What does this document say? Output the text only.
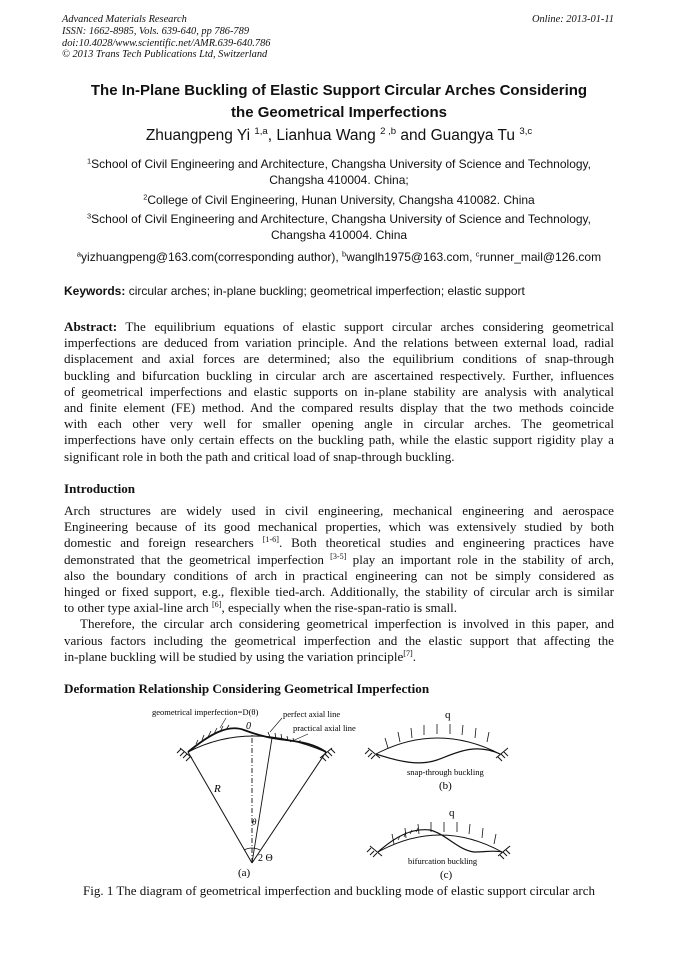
Advanced Materials Research
ISSN: 1662-8985, Vols. 639-640, pp 786-789
doi:10.4028/www.scientific.net/AMR.639-640.786
© 2013 Trans Tech Publications Ltd, Switzerland
Online: 2013-01-11
The In-Plane Buckling of Elastic Support Circular Arches Considering
the Geometrical Imperfections
Zhuangpeng Yi $^{1,a}$, Lianhua Wang $^{2 ,b}$ and Guangya Tu $^{3,c}$
$^1$School of Civil Engineering and Architecture, Changsha University of Science and Technology,
Changsha 410004. China;
$^2$College of Civil Engineering, Hunan University, Changsha 410082. China
$^3$School of Civil Engineering and Architecture, Changsha University of Science and Technology,
Changsha 410004. China
$^a$yizhuangpeng@163.com(corresponding author), $^b$wanglh1975@163.com, $^c$runner_mail@126.com
Keywords: circular arches; in-plane buckling; geometrical imperfection; elastic support
Abstract: The equilibrium equations of elastic support circular arches considering geometrical
imperfections are deduced from variation principle. And the relations between external load, radial
displacement and axial forces are determined; also the equilibrium conditions of snap-through
buckling and bifurcation buckling in circular arch are ascertained respectively. Further, influences
of geometrical imperfections and elastic supports on in-plane stability are analysis with analytical
and finite element (FE) method. And the compared results display that the two methods coincide
with each other very well for smaller opening angle in circular arches. The geometrical
imperfections have only certain effects on the buckling path, while the elastic support rigidity play a
significant role in both the path and critical load of snap-through buckling.
Introduction
Arch structures are widely used in civil engineering, mechanical engineering and aerospace
Engineering because of its good mechanical properties, which was extensively studied by both
domestic and foreign researchers [1-6]. Both theoretical studies and engineering practices have
demonstrated that the geometrical imperfection [3-5] play an important role in the stability of arch,
also the boundary conditions of arch in practical engineering can not be simply considered as
hinged or fixed support, e.g., flexible tied-arch. Additionally, the stability of circular arch is similar
to other type axial-line arch [6], especially when the rise-span-ratio is small.
Therefore, the circular arch considering geometrical imperfection is involved in this paper, and
various factors including the geometrical imperfection and the elastic support that affecting the
in-plane buckling will be studied by using the variation principle[7].
Deformation Relationship Considering Geometrical Imperfection
geometrical imperfection=D(θ)	perfect axial line
practical axial line
0
R
θ
2 Θ
(a)
q
snap-through buckling
(b)
q
bifurcation buckling
(c)
Fig. 1 The diagram of geometrical imperfection and buckling mode of elastic support circular arch
